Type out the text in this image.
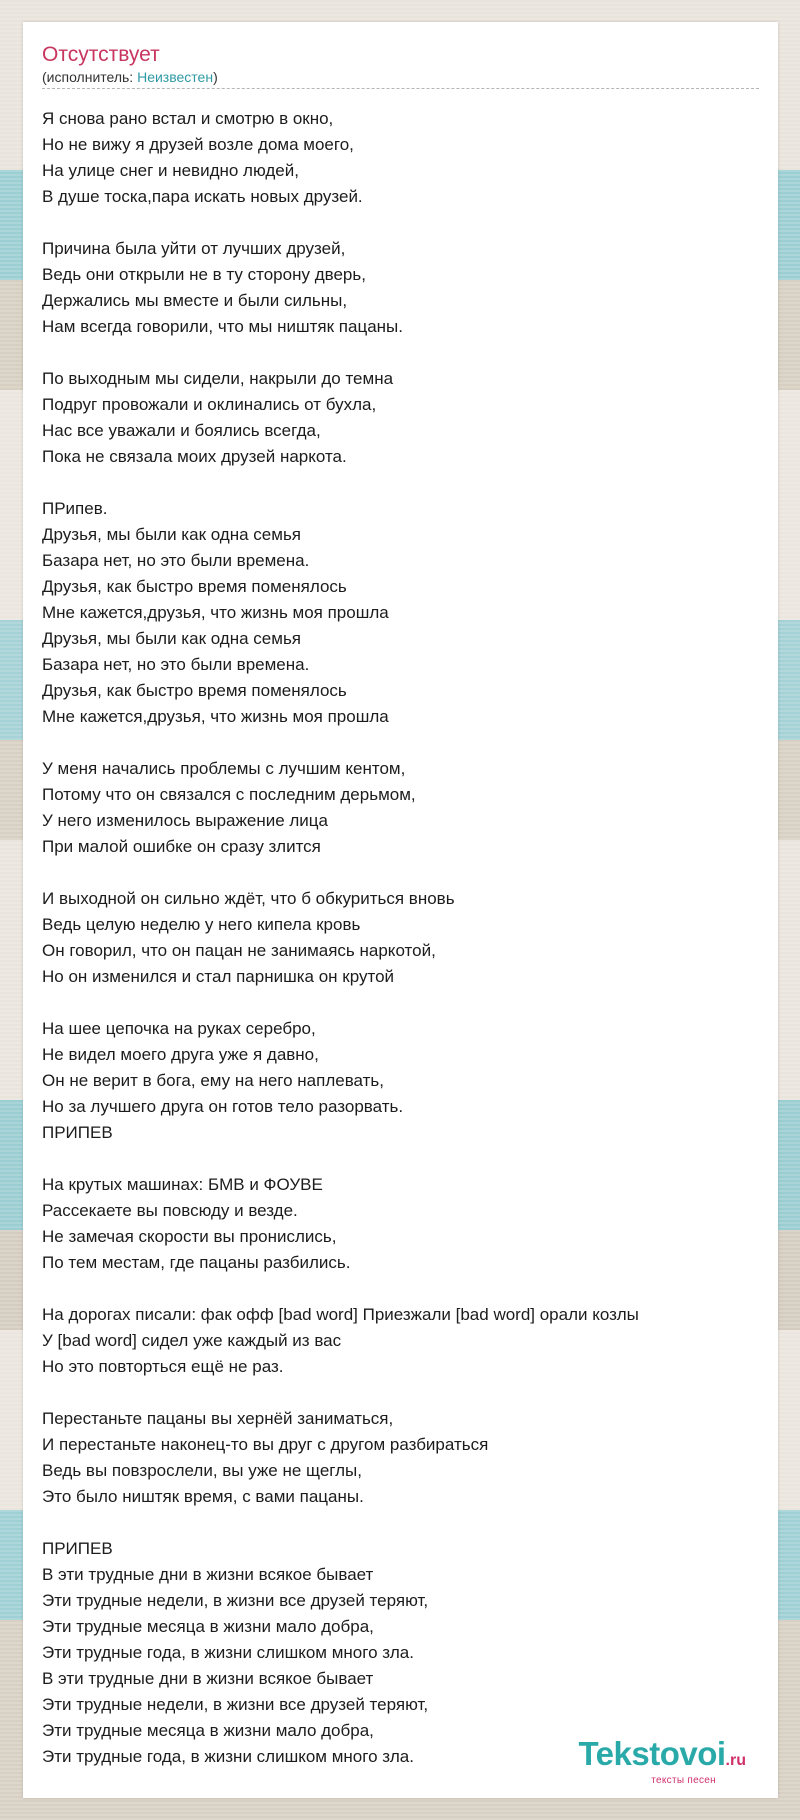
Отсутствует
(исполнитель: Неизвестен)
Я снова рано встал и смотрю в окно,
Но не вижу я друзей возле дома моего,
На улице снег и невидно людей,
В душе тоска,пара искать новых друзей.
Причина была уйти от лучших друзей,
Ведь они открыли не в ту сторону дверь,
Держались мы вместе и были сильны,
Нам всегда говорили, что мы ништяк пацаны.
По выходным мы сидели, накрыли до темна
Подруг провожали и оклинались от бухла,
Нас все уважали и боялись всегда,
Пока не связала моих друзей наркота.
ПРипев.
Друзья, мы были как одна семья
Базара нет, но это были времена.
Друзья, как быстро время поменялось
Мне кажется,друзья, что жизнь моя прошла
Друзья, мы были как одна семья
Базара нет, но это были времена.
Друзья, как быстро время поменялось
Мне кажется,друзья, что жизнь моя прошла
У меня начались проблемы с лучшим кентом,
Потому что он связался с последним дерьмом,
У него изменилось выражение лица
При малой ошибке он сразу злится
И выходной он сильно ждёт, что б обкуриться вновь
Ведь целую неделю у него кипела кровь
Он говорил, что он пацан не занимаясь наркотой,
Но он изменился и стал парнишка он крутой
На шее цепочка на руках серебро,
Не видел моего друга уже я давно,
Он не верит в бога, ему на него наплевать,
Но за лучшего друга он готов тело разорвать.
ПРИПЕВ
На крутых машинах: БМВ и ФОУВЕ
Рассекаете вы повсюду и везде.
Не замечая скорости вы пронислись,
По тем местам, где пацаны разбились.
На дорогах писали: фак офф [bad word] Приезжали [bad word] орали козлы
У [bad word] сидел уже каждый из вас
Но это повторться ещё не раз.
Перестаньте пацаны вы хернёй заниматься,
И перестаньте наконец-то вы друг с другом разбираться
Ведь вы повзрослели, вы уже не щеглы,
Это было ништяк время, с вами пацаны.
ПРИПЕВ
В эти трудные дни в жизни всякое бывает
Эти трудные недели, в жизни все друзей теряют,
Эти трудные месяца в жизни мало добра,
Эти трудные года, в жизни слишком много зла.
В эти трудные дни в жизни всякое бывает
Эти трудные недели, в жизни все друзей теряют,
Эти трудные месяца в жизни мало добра,
Эти трудные года, в жизни слишком много зла.	Tekstovoi.ru
тексты песен
